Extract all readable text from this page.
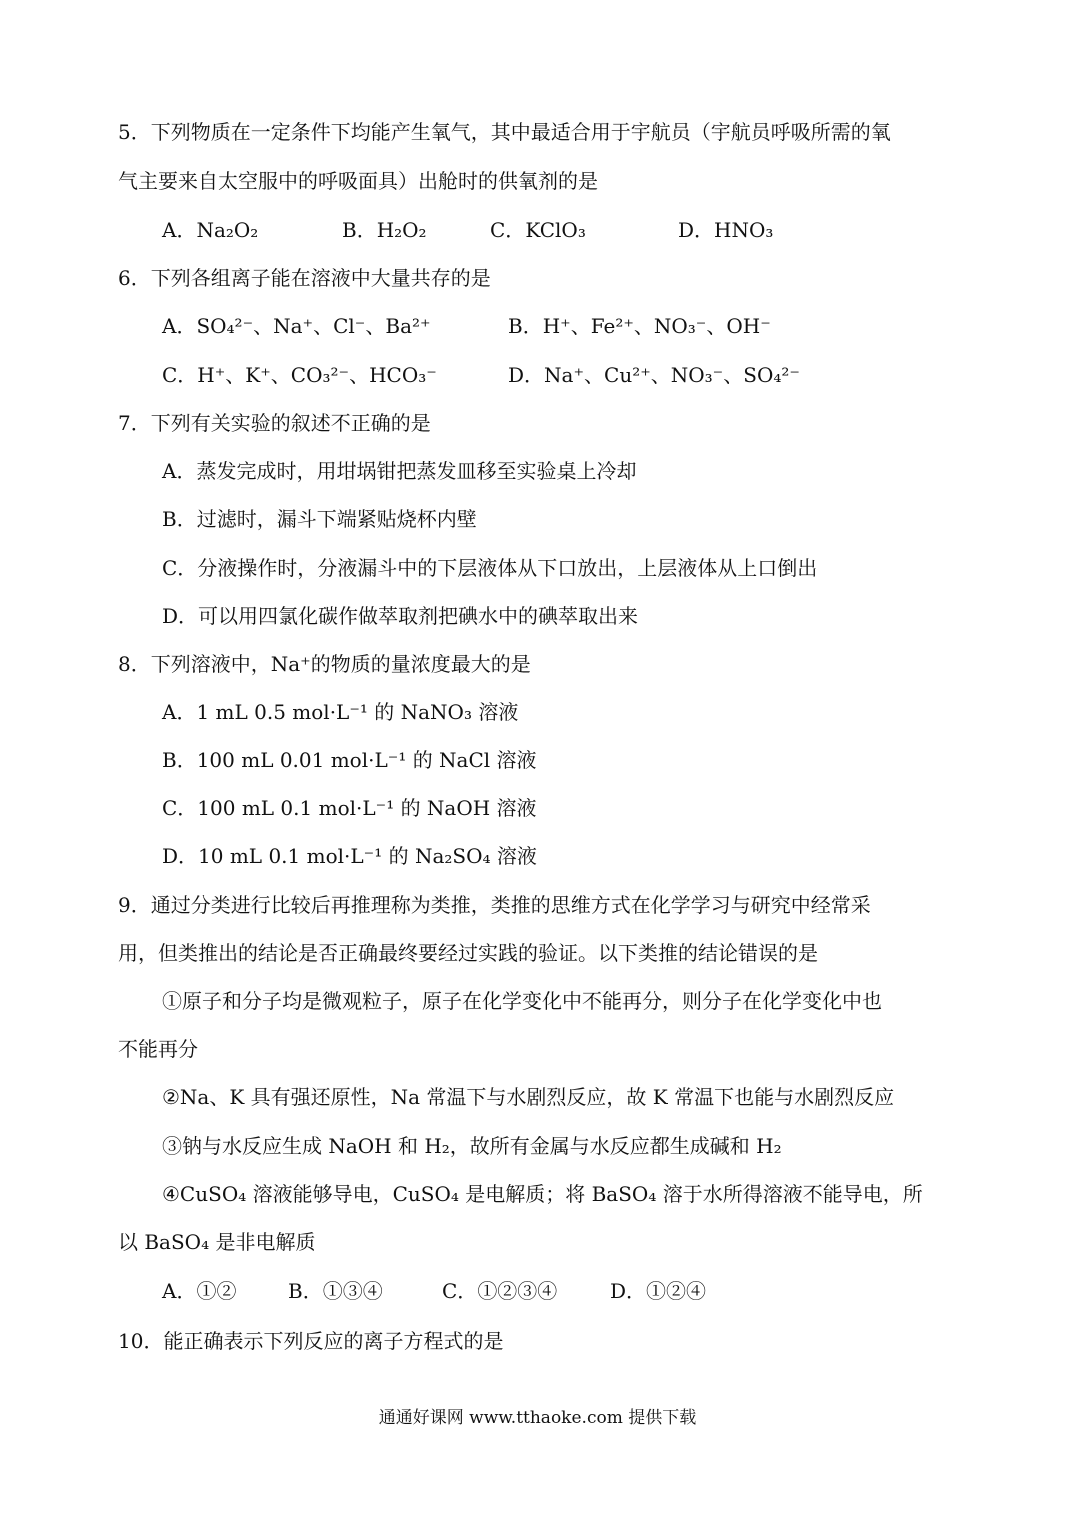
5．下列物质在一定条件下均能产生氧气，其中最适合用于宇航员（宇航员呼吸所需的氧
气主要来自太空服中的呼吸面具）出舱时的供氧剂的是
A．Na₂O₂	B．H₂O₂	C．KClO₃	D．HNO₃
6．下列各组离子能在溶液中大量共存的是
A．SO₄²⁻、Na⁺、Cl⁻、Ba²⁺	B．H⁺、Fe²⁺、NO₃⁻、OH⁻
C．H⁺、K⁺、CO₃²⁻、HCO₃⁻	D．Na⁺、Cu²⁺、NO₃⁻、SO₄²⁻
7．下列有关实验的叙述不正确的是
A．蒸发完成时，用坩埚钳把蒸发皿移至实验桌上冷却
B．过滤时，漏斗下端紧贴烧杯内壁
C．分液操作时，分液漏斗中的下层液体从下口放出，上层液体从上口倒出
D．可以用四氯化碳作做萃取剂把碘水中的碘萃取出来
8．下列溶液中，Na⁺的物质的量浓度最大的是
A．1 mL 0.5 mol·L⁻¹ 的 NaNO₃ 溶液
B．100 mL 0.01 mol·L⁻¹ 的 NaCl 溶液
C．100 mL 0.1 mol·L⁻¹ 的 NaOH 溶液
D．10 mL 0.1 mol·L⁻¹ 的 Na₂SO₄ 溶液
9．通过分类进行比较后再推理称为类推，类推的思维方式在化学学习与研究中经常采
用，但类推出的结论是否正确最终要经过实践的验证。以下类推的结论错误的是
①原子和分子均是微观粒子，原子在化学变化中不能再分，则分子在化学变化中也
不能再分
②Na、K 具有强还原性，Na 常温下与水剧烈反应，故 K 常温下也能与水剧烈反应
③钠与水反应生成 NaOH 和 H₂，故所有金属与水反应都生成碱和 H₂
④CuSO₄ 溶液能够导电，CuSO₄ 是电解质；将 BaSO₄ 溶于水所得溶液不能导电，所
以 BaSO₄ 是非电解质
A．①②	B．①③④	C．①②③④	D．①②④
10．能正确表示下列反应的离子方程式的是
通通好课网 www.tthaoke.com 提供下载
